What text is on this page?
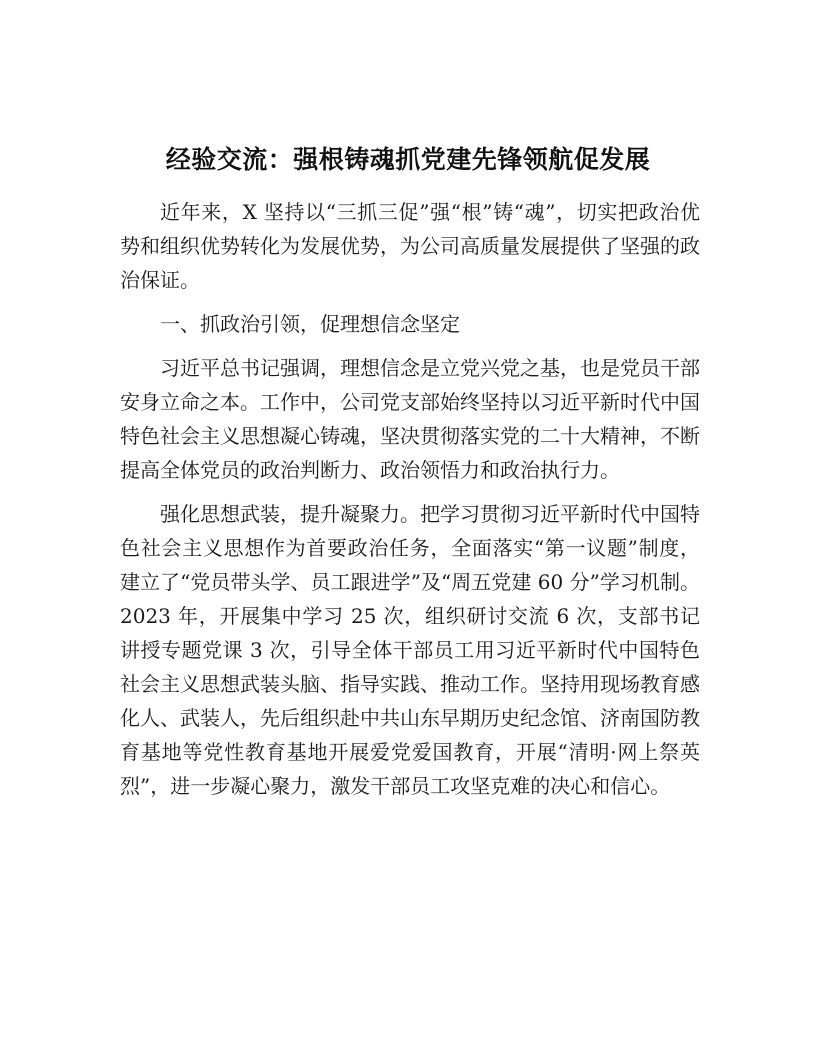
经验交流：强根铸魂抓党建先锋领航促发展

近年来，X 坚持以“三抓三促”强“根”铸“魂”，切实把政治优势和组织优势转化为发展优势，为公司高质量发展提供了坚强的政治保证。

一、抓政治引领，促理想信念坚定

习近平总书记强调，理想信念是立党兴党之基，也是党员干部安身立命之本。工作中，公司党支部始终坚持以习近平新时代中国特色社会主义思想凝心铸魂，坚决贯彻落实党的二十大精神，不断提高全体党员的政治判断力、政治领悟力和政治执行力。

强化思想武装，提升凝聚力。把学习贯彻习近平新时代中国特色社会主义思想作为首要政治任务，全面落实“第一议题”制度，建立了“党员带头学、员工跟进学”及“周五党建 60 分”学习机制。2023 年，开展集中学习 25 次，组织研讨交流 6 次，支部书记讲授专题党课 3 次，引导全体干部员工用习近平新时代中国特色社会主义思想武装头脑、指导实践、推动工作。坚持用现场教育感化人、武装人，先后组织赴中共山东早期历史纪念馆、济南国防教育基地等党性教育基地开展爱党爱国教育，开展“清明·网上祭英烈”，进一步凝心聚力，激发干部员工攻坚克难的决心和信心。
